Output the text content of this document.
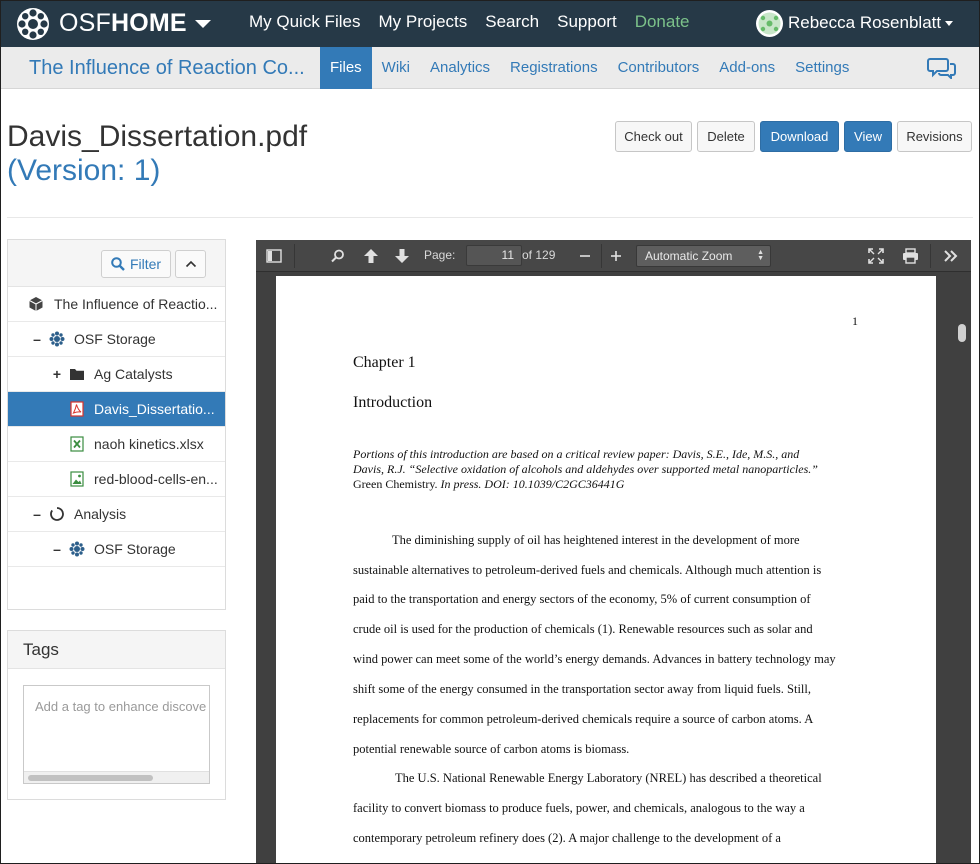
OSFHOME	My Quick Files	My Projects	Search	Support	Donate	Rebecca Rosenblatt
The Influence of Reaction Co...	Files	Wiki	Analytics	Registrations	Contributors	Add-ons	Settings
Davis_Dissertation.pdf
(Version: 1)
Check out	Delete	Download	View	Revisions
Filter
The Influence of Reactio...
– OSF Storage
+ Ag Catalysts
Davis_Dissertatio...
naoh kinetics.xlsx
red-blood-cells-en...
– Analysis
– OSF Storage
Tags
Add a tag to enhance discove
Page:	11 of 129	Automatic Zoom	▲
▼
1
Chapter 1
Introduction
Portions of this introduction are based on a critical review paper: Davis, S.E., Ide, M.S., and
Davis, R.J. “Selective oxidation of alcohols and aldehydes over supported metal nanoparticles.”
Green Chemistry. In press. DOI: 10.1039/C2GC36441G
The diminishing supply of oil has heightened interest in the development of more
sustainable alternatives to petroleum-derived fuels and chemicals. Although much attention is
paid to the transportation and energy sectors of the economy, 5% of current consumption of
crude oil is used for the production of chemicals (1). Renewable resources such as solar and
wind power can meet some of the world’s energy demands. Advances in battery technology may
shift some of the energy consumed in the transportation sector away from liquid fuels. Still,
replacements for common petroleum-derived chemicals require a source of carbon atoms. A
potential renewable source of carbon atoms is biomass.
The U.S. National Renewable Energy Laboratory (NREL) has described a theoretical
facility to convert biomass to produce fuels, power, and chemicals, analogous to the way a
contemporary petroleum refinery does (2). A major challenge to the development of a
